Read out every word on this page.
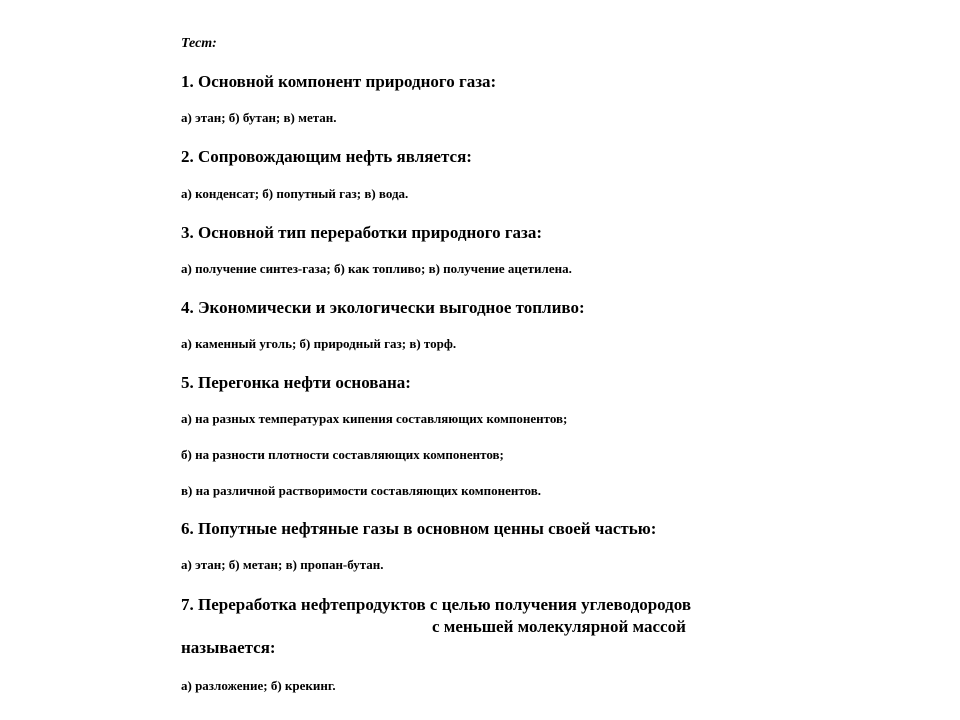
Тест:
1. Основной компонент природного газа:
а) этан; б) бутан; в) метан.
2. Сопровождающим нефть является:
а) конденсат; б) попутный газ; в) вода.
3. Основной тип переработки природного газа:
а) получение синтез-газа; б) как топливо; в) получение ацетилена.
4. Экономически и экологически выгодное топливо:
а) каменный уголь; б) природный газ; в) торф.
5. Перегонка нефти основана:
а) на разных температурах кипения составляющих компонентов;
б) на разности плотности составляющих компонентов;
в) на различной растворимости составляющих компонентов.
6. Попутные нефтяные газы в основном ценны своей частью:
а) этан; б) метан; в) пропан-бутан.
7. Переработка нефтепродуктов с целью получения углеводородов
с меньшей молекулярной массой
называется:
а) разложение; б) крекинг.
